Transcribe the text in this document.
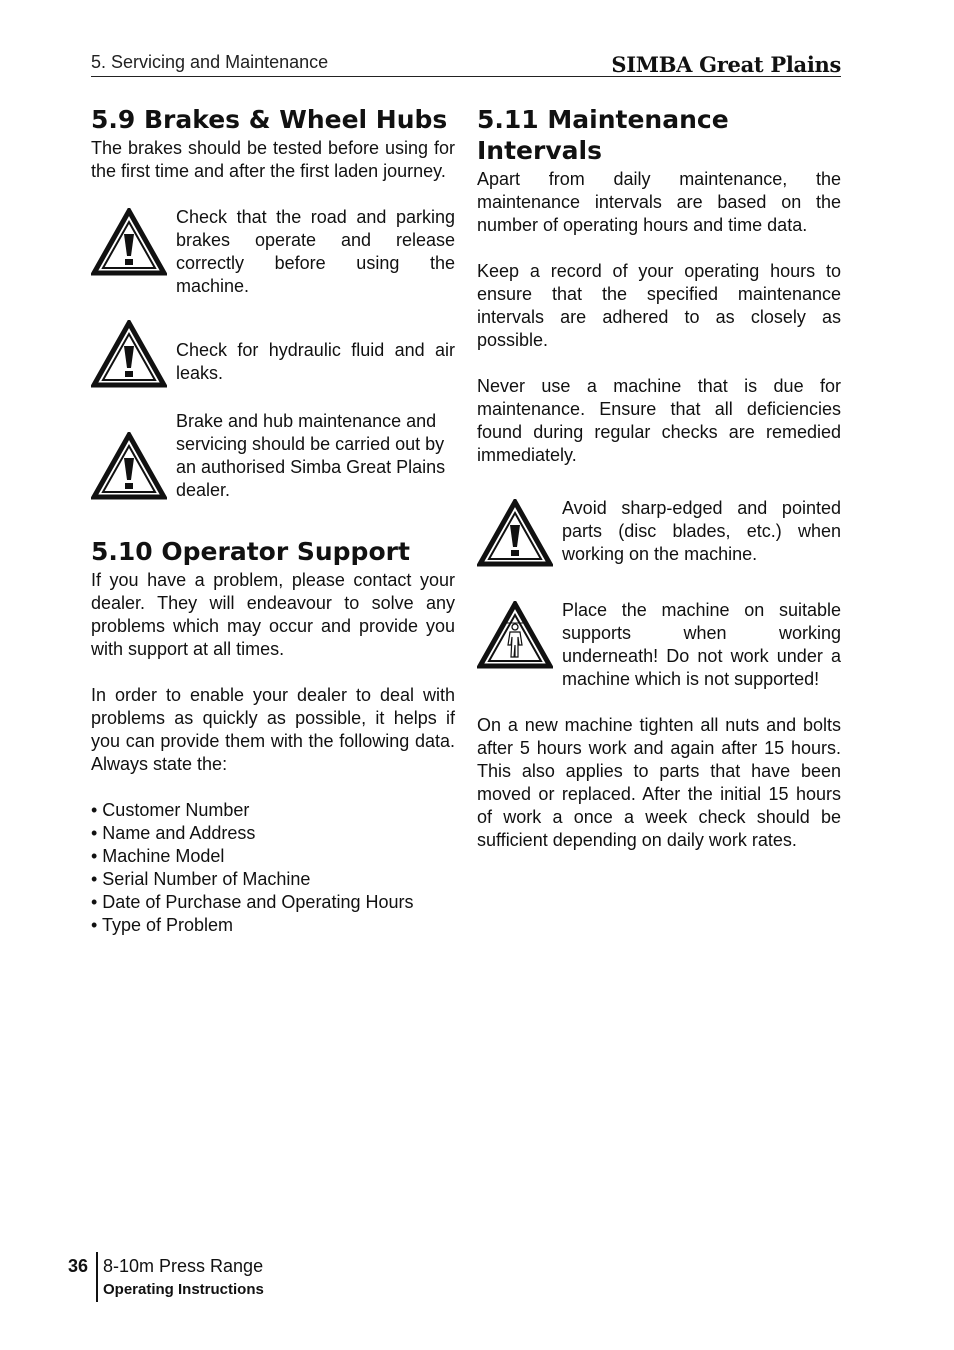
5. Servicing and Maintenance	SIMBA Great Plains
5.9 Brakes & Wheel Hubs

The brakes should be tested before using for the first time and after the first laden journey.

Check that the road and parking brakes operate and release correctly before using the machine.

Check for hydraulic fluid and air leaks.

Brake and hub maintenance and servicing should be carried out by an authorised Simba Great Plains dealer.

5.10 Operator Support

If you have a problem, please contact your dealer. They will endeavour to solve any problems which may occur and provide you with support at all times.

In order to enable your dealer to deal with problems as quickly as possible, it helps if you can provide them with the following data. Always state the:

• Customer Number
• Name and Address
• Machine Model
• Serial Number of Machine
• Date of Purchase and Operating Hours
• Type of Problem
5.11 Maintenance Intervals

Apart from daily maintenance, the maintenance intervals are based on the number of operating hours and time data.

Keep a record of your operating hours to ensure that the specified maintenance intervals are adhered to as closely as possible.

Never use a machine that is due for maintenance. Ensure that all deficiencies found during regular checks are remedied immediately.

Avoid sharp-edged and pointed parts (disc blades, etc.) when working on the machine.

Place the machine on suitable supports when working underneath! Do not work under a machine which is not supported!

On a new machine tighten all nuts and bolts after 5 hours work and again after 15 hours. This also applies to parts that have been moved or replaced. After the initial 15 hours of work a once a week check should be sufficient depending on daily work rates.

36 8-10m Press Range
Operating Instructions
